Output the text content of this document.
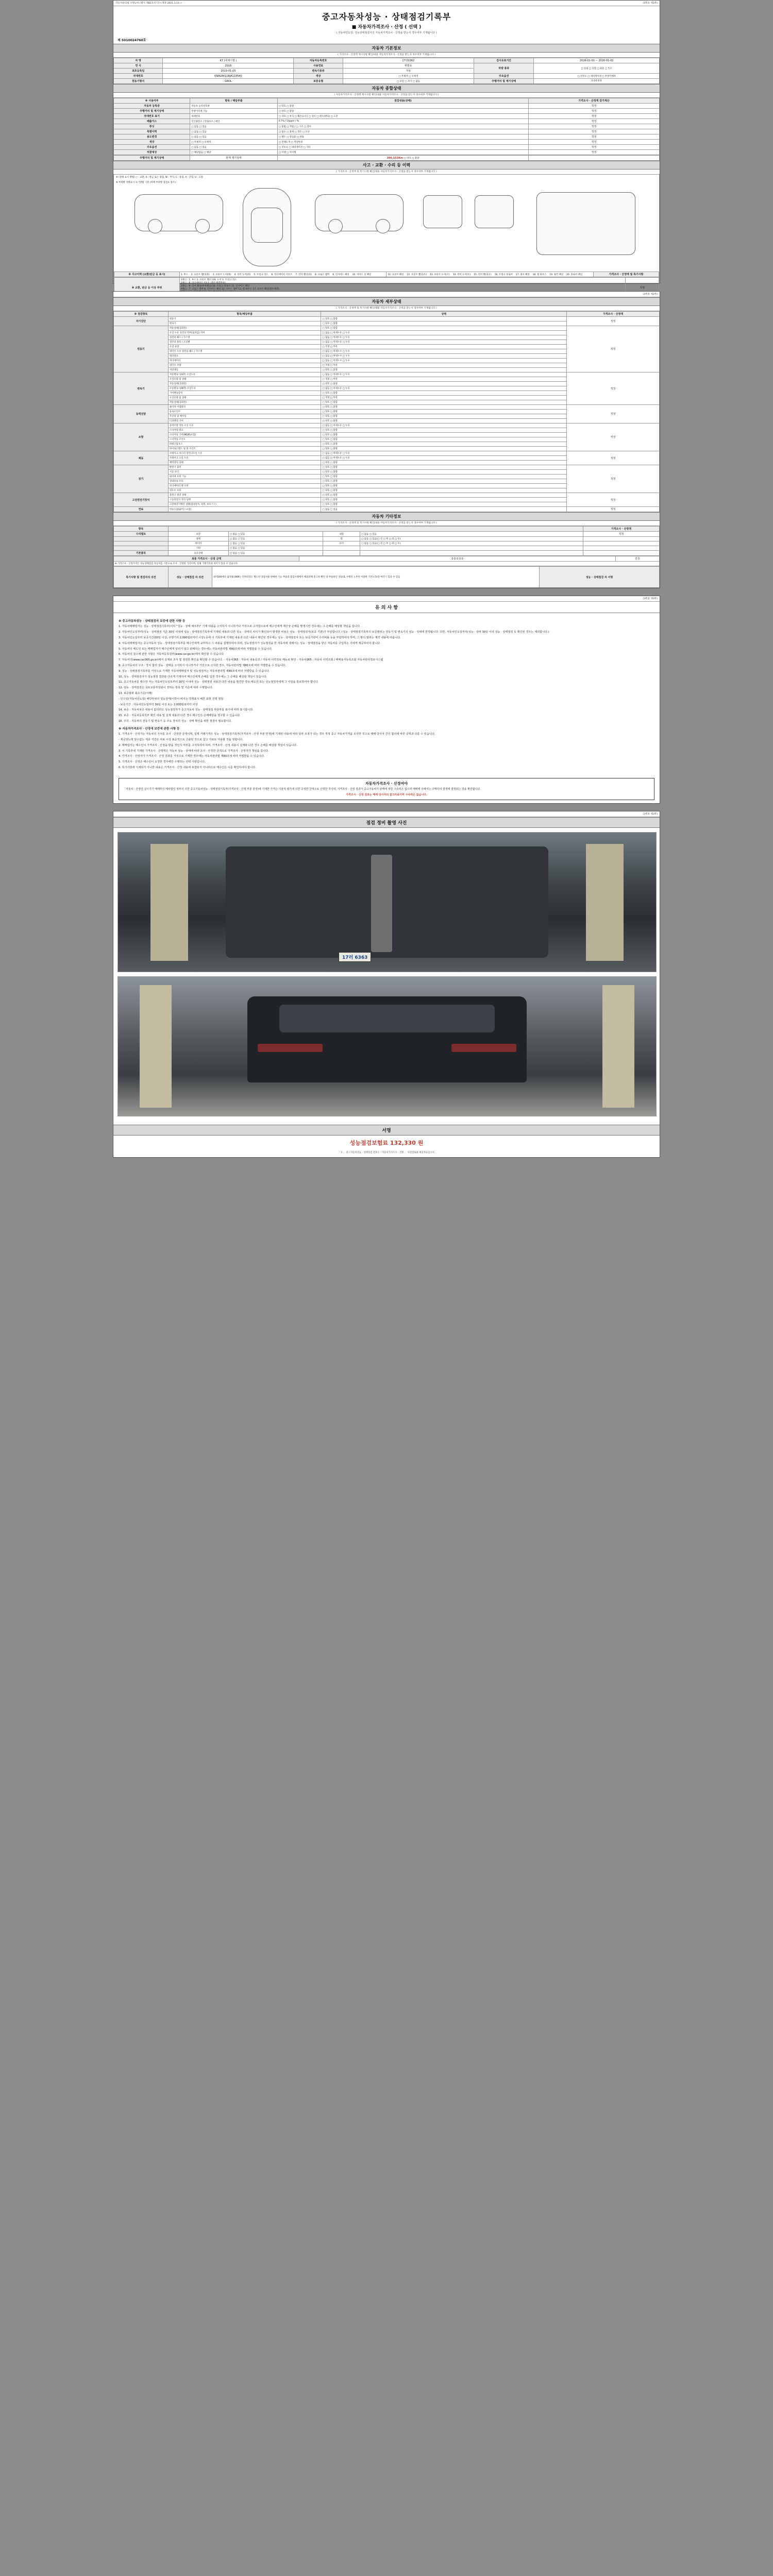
자동차관리법 시행규칙 [별지 제82호서식] <개정 2021.1.13.>	(3쪽중 제1쪽)
중고자동차성능 · 상태점검기록부
■ 자동차가격조사 · 산정 ( 선택 )
( 자동차인도일: 성능상태점검자의 자동차가격조사 · 산정을 받는지 경우여부 기재됩니다 )
제 5010024760호
자동차 기본정보
( 가격조사 · 산정액 계시사항 확인/내용 자동차가격조사 · 산정을 받는자 경우여부 기재됩니다 )
차 명	K7 (네제디젤 )	자동차등록번호	17러0362	검사유효기간	2026-01-01 ~ 2026-01-02
연 식	2018	사용연료	휘발유	차량 종류	□ 승용 □ 승합 □ 화물 □ 특수
최초등록일	2019-01-05	변속기종류	자동		
차대번호	KNALB411BJA119540	색상	□ 무채색 □ 유채색	주요옵션	□ 선루프 □ 네비게이션 □ 후방카메라
원동기형식	G6DL	보증유형	□ 보험 □ 자가 □ 없음	주행거리 및 계기상태	0 0 0 0 0
자동차 종합상태
( 자동차가격조사 · 산정액 계시사항 확인/내용 자동차가격조사 · 산정을 받는자 경우여부 기재됩니다 )
※ 사용여부	항목 / 해당부품	점검내용(상태)	가격조사 · 산정액 감가계산
자동차 등록증	자동차 등록번호판	□ 양호 □ 불량	적정
주행거리 및 계기상태	주행거리계 기능	□ 양호 □ 불량	적정
차대번호 표기	차대번호	□ 양호 □ 부식 □ 훼손(오손) □ 상이 □ 변조(변타) □ 도말	적정
배출가스	일산화탄소 / 탄화수소 / 매연	0.7% / 10ppm / %	적정
튜닝	□ 없음 □ 있음	□ 불법 □ 적법 / □ 구조 □ 장치	적정
특별이력	□ 없음 □ 있음	□ 침수 □ 화재 □ 전손 □ 도난	적정
용도변경	□ 없음 □ 있음	□ 렌트 □ 영업용 □ 관용	적정
색상	□ 무채색 □ 유채색	□ 전체도색 □ 색상변경	적정
주요옵션	□ 없음 □ 있음	□ 선루프 □ 네비게이션 □ 기타	적정
리콜대상	□ 해당없음 □ 해당	□ 이행 □ 미이행	적정
주행거리 및 계기상태	현재 계기상태	100,153Km □ 양호 □ 불량	
사고 · 교환 · 수리 등 이력
( 가격조사 · 산정액 및 특기사항 확인/내용 자동차가격조사 · 산정을 받는자 경우여부 기재됩니다 )
※ (상태 표시 방법) ○ : 교환, X : 판금 또는 용접, W : 부식, C : 흠집, A : 긁힘, U : 요철
※ 부위별 상태표시 표기방법 기준 (차체 부위별 점검표 참조)
※ 사고이력 (교환/판금 등 표시)	1. 후드 2. 프론트 휀더(좌) 3. 프론트 도어(좌) 4. 리어 도어(좌) 5. 트렁크 리드 6. 라디에이터 서포트 7. 리어 휀더(좌) 8. 크로스 멤버 9. 인사이드 패널 10. 사이드 실 패널	11. 프론트 패널 12. 프론트 휀더(우) 13. 프론트 도어(우) 14. 리어 도어(우) 15. 리어 휀더(우) 16. 트렁크 플로어 17. 대시 패널 18. 휠 하우스 19. 필러 패널 20. 플로어 패널	가격조사 · 산정액 및 특기사항
※ 교환, 판금 등 이상 부위	
1랭크 : 1. 후드 2. 프론트 휀더 3/4. 도어 5. 트렁크 리드
2랭크 : 6. 라디에이터 서포트 (볼트체결부품)
3랭크 : 9. 리어 패널(후미패널) 10. 트렁크 플로어 11. 인사이드 패널
A랭크 : 7. 크로스 멤버 8. 인사이드 패널 12. 사이드 멤버 13. 휠 하우스 17. 프론트 패널(볼트체결)	적정
(3쪽중 제2쪽)
자동차 세부상태
( 가격조사 · 산정액 및 특기사항 확인/내용 자동차가격조사 · 산정을 받는자 경우여부 기재됩니다 )
※ 점검항목	항목/해당부품	상태	가격조사 · 산정액
자기진단	원동기	□ 양호 □ 불량	적정
	변속기	□ 양호 □ 불량	
원동기	작동상태(공회전)	□ 양호 □ 불량	적정
	오일 누유 실린더 커버(로커암) 커버	□ 없음 □ 미세누유 □ 누유	
	실린더 헤드 / 가스켓	□ 없음 □ 미세누유 □ 누유	
	실린더 블록 / 오일팬	□ 없음 □ 미세누유 □ 누유	
	오일 유량	□ 적정 □ 부족	
	냉각수 누수 실린더 헤드 / 가스켓	□ 없음 □ 미세누수 □ 누수	
	워터펌프	□ 없음 □ 미세누수 □ 누수	
	라디에이터	□ 없음 □ 미세누수 □ 누수	
	냉각수 수량	□ 적정 □ 부족	
	커먼레일	□ 양호 □ 불량	
변속기	자동변속기(A/T) 오일누유	□ 없음 □ 미세누유 □ 누유	적정
	오일유량 및 상태	□ 적정 □ 부족	
	작동상태(공회전)	□ 양호 □ 불량	
	수동변속기(M/T) 오일누유	□ 없음 □ 미세누유 □ 누유	
	기어변속장치	□ 양호 □ 불량	
	오일유량 및 상태	□ 적정 □ 부족	
	작동상태(공회전)	□ 양호 □ 불량	
동력전달	클러치 어셈블리	□ 양호 □ 불량	적정
	등속조인트	□ 양호 □ 불량	
	추진축 및 베어링	□ 양호 □ 불량	
	디퍼렌셜 기어	□ 양호 □ 불량	
조향	동력조향 작동 오일 누유	□ 없음 □ 미세누유 □ 누유	적정
	스티어링 펌프	□ 양호 □ 불량	
	스티어링 기어(MDPS포함)	□ 양호 □ 불량	
	스티어링 조인트	□ 양호 □ 불량	
	파워고압호스	□ 양호 □ 불량	
	타이로드엔드 및 볼 조인트	□ 양호 □ 불량	
제동	브레이크 마스터 실린더오일 누유	□ 없음 □ 미세누유 □ 누유	적정
	브레이크 오일 누유	□ 없음 □ 미세누유 □ 누유	
	배력장치 상태	□ 양호 □ 불량	
전기	발전기 출력	□ 양호 □ 불량	적정
	시동 모터	□ 양호 □ 불량	
	와이퍼 모터 기능	□ 양호 □ 불량	
	실내송풍 모터	□ 양호 □ 불량	
	라디에이터 팬 모터	□ 양호 □ 불량	
	윈도우 모터	□ 양호 □ 불량	
고전원전기장치	충전구 절연 상태	□ 양호 □ 불량	적정
	구동축전지 격리 상태	□ 양호 □ 불량	
	고전원전기배선 상태(접속단자, 피복, 보호기구)	□ 양호 □ 불량	
연료	연료누출(LP가스포함)	□ 없음 □ 있음	적정
자동차 기타정보
( 가격조사 · 산정액 및 특기사항 확인/내용 자동차가격조사 · 산정을 받는자 경우여부 기재됩니다 )
항목					가격조사 · 산정액
수리필요	외장	□ 없음 □ 있음	내장	□ 없음 □ 있음	적정
	광택	□ 없음 □ 있음	휠	□ 없음 □ 있음(□ 전 □ 후 □ 좌 □ 우)	
	타이어	□ 없음 □ 있음	유리	□ 없음 □ 있음(□ 전 □ 후 □ 좌 □ 우)	
	기타	□ 없음 □ 있음			
기본품목	보유상태	□ 없음 □ 있음			
최종 가격조사 · 산정 금액	0 0 0 0 0	만원
※ 가격조사 · 산정가격은 성능상태점검 자동차를 기준으로 조사 · 산정한 가격이며, 실제 거래가격과 차이가 있을 수 있습니다.
특기사항 및 점검자의 의견	성능 · 상태점검 자 의견	내지500에다 없다]0.0KM는 안하더라도 별도된 상품차용 판매한 기능 부품의 점검시행에서 체외피해 중고차 확인 상 부품하인 상품/또 수행인 노후된 이용한 기본노라/증 여러기 있을 수 있음	성능 · 상태점검 자 서명
(3쪽중 제3쪽)
유 의 사 항
※ 중고자동차성능 · 상태점검자 보증에 관한 사항 등

1. 자동차매매업자는 성능 · 상태점검기록부(이하 "성능 · 상태 체크부)" 기재 내용을 고지하지 아니하거나 거짓으로 고지함으로써 매수인에게 재산상 손해를 발생시킨 경우에는 그 손해를 배상할 책임을 집니다.

2. 자동차인도일부터(성능 · 상태점검 기준 30일 이내에 성능 · 상태점검기록부에 기재된 내용과 다른 성능 · 상태의 차이가 확인되어 발생한 비용은 성능 · 상태점검자(보증 기관)가 부담합니다. (성능 · 상태점검기록부의 보증범위는 원동기 및 변속기의 성능 · 상태에 한정됩니다. 다만, 자동차인도일부터(성능 · 상태 30일 이내 성능 · 상태점검 등 확인된 경우는 제외합니다.)

3. 자동차인도일부터 보증기간(30일 이상, 주행거리 2,000킬로미터 이상) 중에 이 기록부에 기재된 내용과 다른 내용이 확인된 경우에는 성능 · 상태점검자 또는 보증기관이 수리비용 등을 부담하여야 하며, 그 밖의 범위는 계약 내용에 따릅니다.

4. 자동차매매업자는 중고자동차 성능 · 상태점검기록부를 매수인에게 교부하고 그 내용을 설명하여야 하며, 성능점검자가 성능점검을 한 자동차에 대해서는 성능 · 상태점검을 받은 자동차를 구입하는 자에게 제공하여야 합니다.

5. 자동차의 매도인 또는 매매업자가 매수인에게 알리지 않고 판매하는 경우에는 자동차관리법 제80조에 따라 처벌받을 수 있습니다.

6. 자동차의 침수에 관한 사항은 자동차등록원부(www.car.go.kr)에서 확인할 수 있습니다.

7. 자동차의(www.car365.go.kr)에서 실제로 조사 및 점검한 확인을 확인할 수 있습니다. - 자동차365 : 자동차 내용증과 / 자동차 이력정보 메뉴로 확인 - 자동차365 : 자동차 이력조회 / 매매용자등록조회 자동차관리정보시스템

8. 중고자동차의 구조 · 장치 합리 성능 · 상태를 고지하지 아니하거나 거짓으로 고지한 경우, 자동차관리법 제80조에 따라 처벌받을 수 있습니다.

9. 성능 · 상태점검기록부를 거짓으로 기재한 자동차매매업자 및 성능점검자는 자동차관리법 제80조에 따라 처벌받을 수 있습니다.

10. 성능 · 상태점검자가 성능점검 결과와 다르게 기재하여 매수인에게 손해를 입힌 경우에는 그 손해를 배상할 책임이 있습니다.

11. 중고자동차를 매수한 자는 자동차인도일로부터 30일 이내에 성능 · 상태점검 내용과 다른 내용을 발견한 경우 매도인 또는 성능점검자에게 그 사실을 통보하여야 합니다.

12. 성능 · 상태점검은 국토교통부장관이 정하는 항목 및 기준에 따라 수행합니다.

13. 보증범위 최소기준(아래)

- 인수일(자동차인도일) 해당부위의 성능상태(이하이 비지는 장점표시 배튼 표현 진행 점검

- 보증기간 : 자동차인도일부터 30일 이상 또는 2,000킬로미터 이상

14. 보증 : 자동차보증 내용이 없더라도 성능점검자가 중고자동차 성능 · 상태점검 부담부를 표시에 따라 표시합니다.

15. 보증 : 자동차등록원부 확인 내용 및 실제 내용과 다른 경우 매수인은 손해배상을 청구할 수 있습니다.

16. 주의 : 자동차의 원동기 및 변속기 등 주요 장치의 성능 · 상태 확인을 위한 점검이 필요합니다.

※ 자동차가격조사 · 산정에 보증에 관한 사항 등

1. 가격조사 · 산정가는 자동차의 가치를 조사 · 산정한 금액이며, 실제 거래가격은 성능 · 상태점검기록부(가격조사 · 산정 부분 한정)에 기재된 내용에 따라 달라 조정가 되는 경우 적정 중고 자동차가격을 조사한 것으로 매매 당사자 간의 합의에 따른 금액과 다를 수 있습니다.

- 제공되는데 알수없는 세종 기간은 차료 이상 표준적으로 산출된 것으로 참고 자료로 사용할 것을 권합니다.

2. 매매업자는 매수인이 가격조사 · 산정을 받을 것인지 여부를 고지하여야 하며, 가격조사 · 산정 내용이 실제와 다른 경우 손해를 배상할 책임이 있습니다.

3. 이 기록부에 기재된 가격조사 · 산정액은 자동차 성능 · 상태에 따라 조사 · 산정한 금액으로 가격조사 · 산정자가 책임을 집니다.

4. 가격조사 · 산정자가 가격조사 · 산정 결과를 거짓으로 기재한 경우에는 자동차관리법 제80조에 따라 처벌받을 수 있습니다.

5. 가격조사 · 산정은 매수인이 요청한 경우에만 수행하는 선택 사항입니다.

6. 특기사항에 기재되지 아니한 내용은 가격조사 · 산정 내용에 포함되지 아니하므로 매수인은 이를 확인하여야 합니다.

자동차가격조사 · 산정여야
「자동차 · 산정인 실시기가 매매부의 매사합인 정부의 의한 중고자동차성능 · 상태점검기록부(가격조사 · 산정 부분 한정)에 기재한 가격은 기술적 평가에 의한 공정한 금액으로 산정한 것이며, 가격조사 · 산정 결과가 중고자동차의 판매에 대한 구속력은 없으며 매매에 의해서는 구매하여 결정에 결정되는 것을 확인합니다.
가격조사 · 산정 결과는 매매 당사자의 참고자료이며 구속력은 없습니다.
(3쪽중 제3쪽)
점검 정비 촬영 사진
17러 6363
서명
성능점검보험료 132,330 원
「 1 」 중고자동차성능 · 상태점검 결과 | 「자동차가격조사 · 산정 」 사전검토용 제공자료입니다.
